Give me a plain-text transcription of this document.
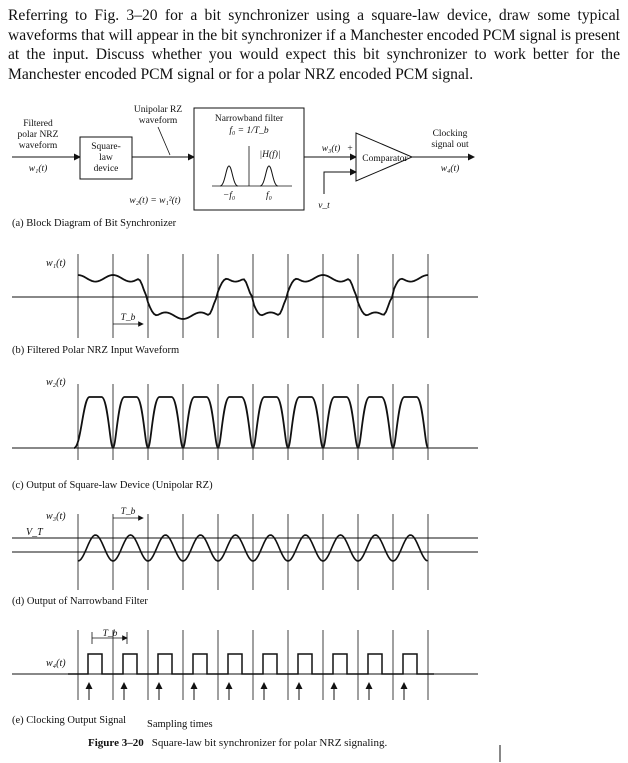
Referring to Fig. 3–20 for a bit synchronizer using a square-law device, draw some typical waveforms that will appear in the bit synchronizer if a Manchester encoded PCM signal is present at the input. Discuss whether you would expect this bit synchronizer to work better for the Manchester encoded PCM signal or for a polar NRZ encoded PCM signal.

Filtered
polar NRZ
waveform
w₁(t)
Square-
law
device
Unipolar RZ
waveform
w₂(t) = w₁²(t)
Narrowband filter
f₀ = 1/T_b
|H(f)|
−f₀	f₀
w₃(t) +
−
Comparator
v_t
Clocking
signal out
w₄(t)
(a) Block Diagram of Bit Synchronizer
w₁(t)
T_b
(b) Filtered Polar NRZ Input Waveform
w₂(t)
(c) Output of Square-law Device (Unipolar RZ)
w₃(t)
V_T
T_b
(d) Output of Narrowband Filter
w₄(t)
T_b
(e) Clocking Output Signal Sampling times
Figure 3–20 Square-law bit synchronizer for polar NRZ signaling.
